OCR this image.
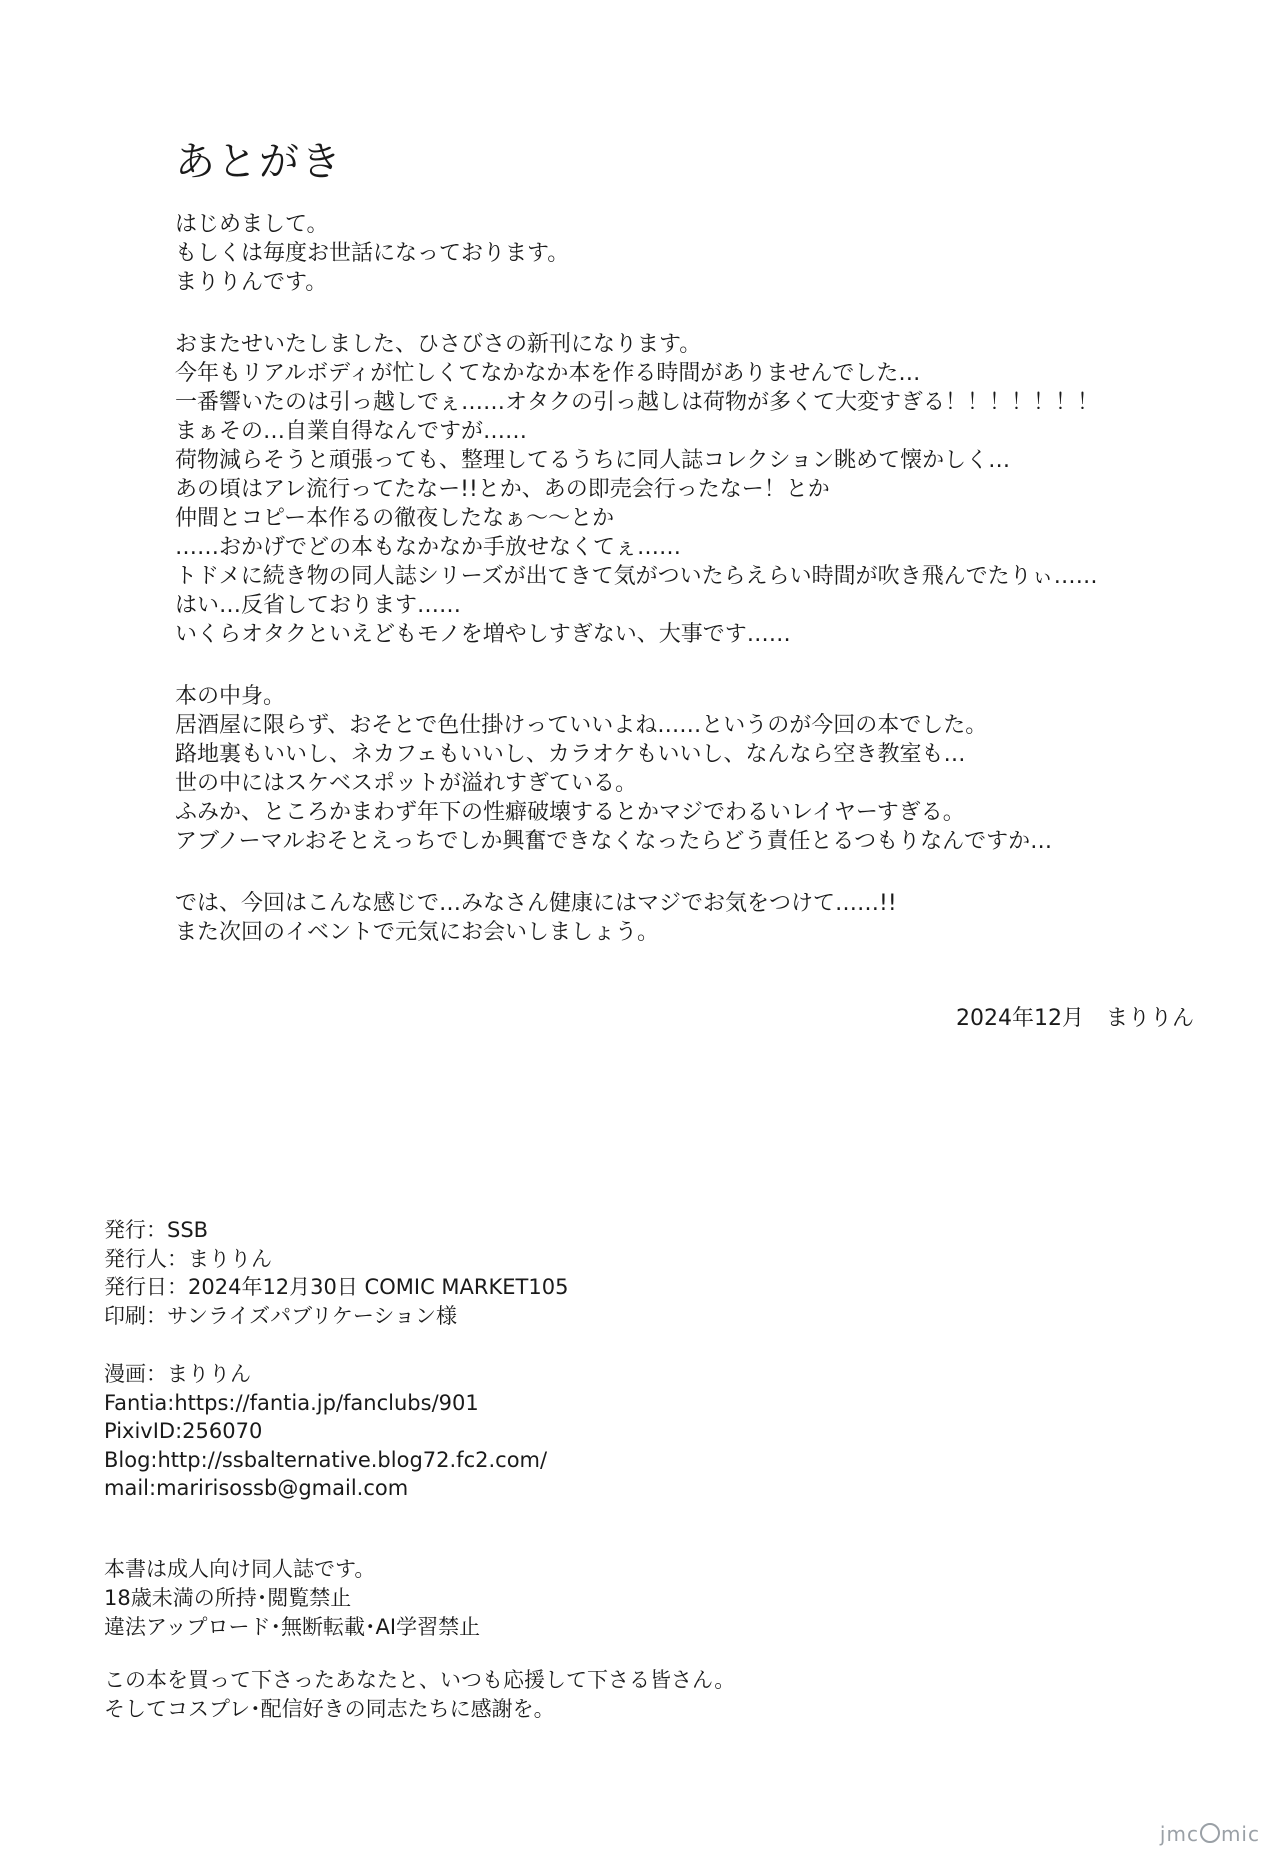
あとがき
はじめまして。
もしくは毎度お世話になっております。
まりりんです。
おまたせいたしました、ひさびさの新刊になります。
今年もリアルボディが忙しくてなかなか本を作る時間がありませんでした…
一番響いたのは引っ越しでぇ……オタクの引っ越しは荷物が多くて大変すぎる！！！！！！！
まぁその…自業自得なんですが……
荷物減らそうと頑張っても、整理してるうちに同人誌コレクション眺めて懐かしく…
あの頃はアレ流行ってたなー!!とか、あの即売会行ったなー！とか
仲間とコピー本作るの徹夜したなぁ～～とか
……おかげでどの本もなかなか手放せなくてぇ……
トドメに続き物の同人誌シリーズが出てきて気がついたらえらい時間が吹き飛んでたりぃ……
はい…反省しております……
いくらオタクといえどもモノを増やしすぎない、大事です……
本の中身。
居酒屋に限らず、おそとで色仕掛けっていいよね……というのが今回の本でした。
路地裏もいいし、ネカフェもいいし、カラオケもいいし、なんなら空き教室も…
世の中にはスケベスポットが溢れすぎている。
ふみか、ところかまわず年下の性癖破壊するとかマジでわるいレイヤーすぎる。
アブノーマルおそとえっちでしか興奮できなくなったらどう責任とるつもりなんですか…
では、今回はこんな感じで…みなさん健康にはマジでお気をつけて……!!
また次回のイベントで元気にお会いしましょう。
2024年12月　まりりん
発行：SSB
発行人：まりりん
発行日：2024年12月30日 COMIC MARKET105
印刷：サンライズパブリケーション様
漫画：まりりん
Fantia:https://fantia.jp/fanclubs/901
PixivID:256070
Blog:http://ssbalternative.blog72.fc2.com/
mail:maririsossb@gmail.com
本書は成人向け同人誌です。
18歳未満の所持･閲覧禁止
違法アップロード･無断転載･AI学習禁止
この本を買って下さったあなたと、いつも応援して下さる皆さん。
そしてコスプレ･配信好きの同志たちに感謝を。
jmc mic
